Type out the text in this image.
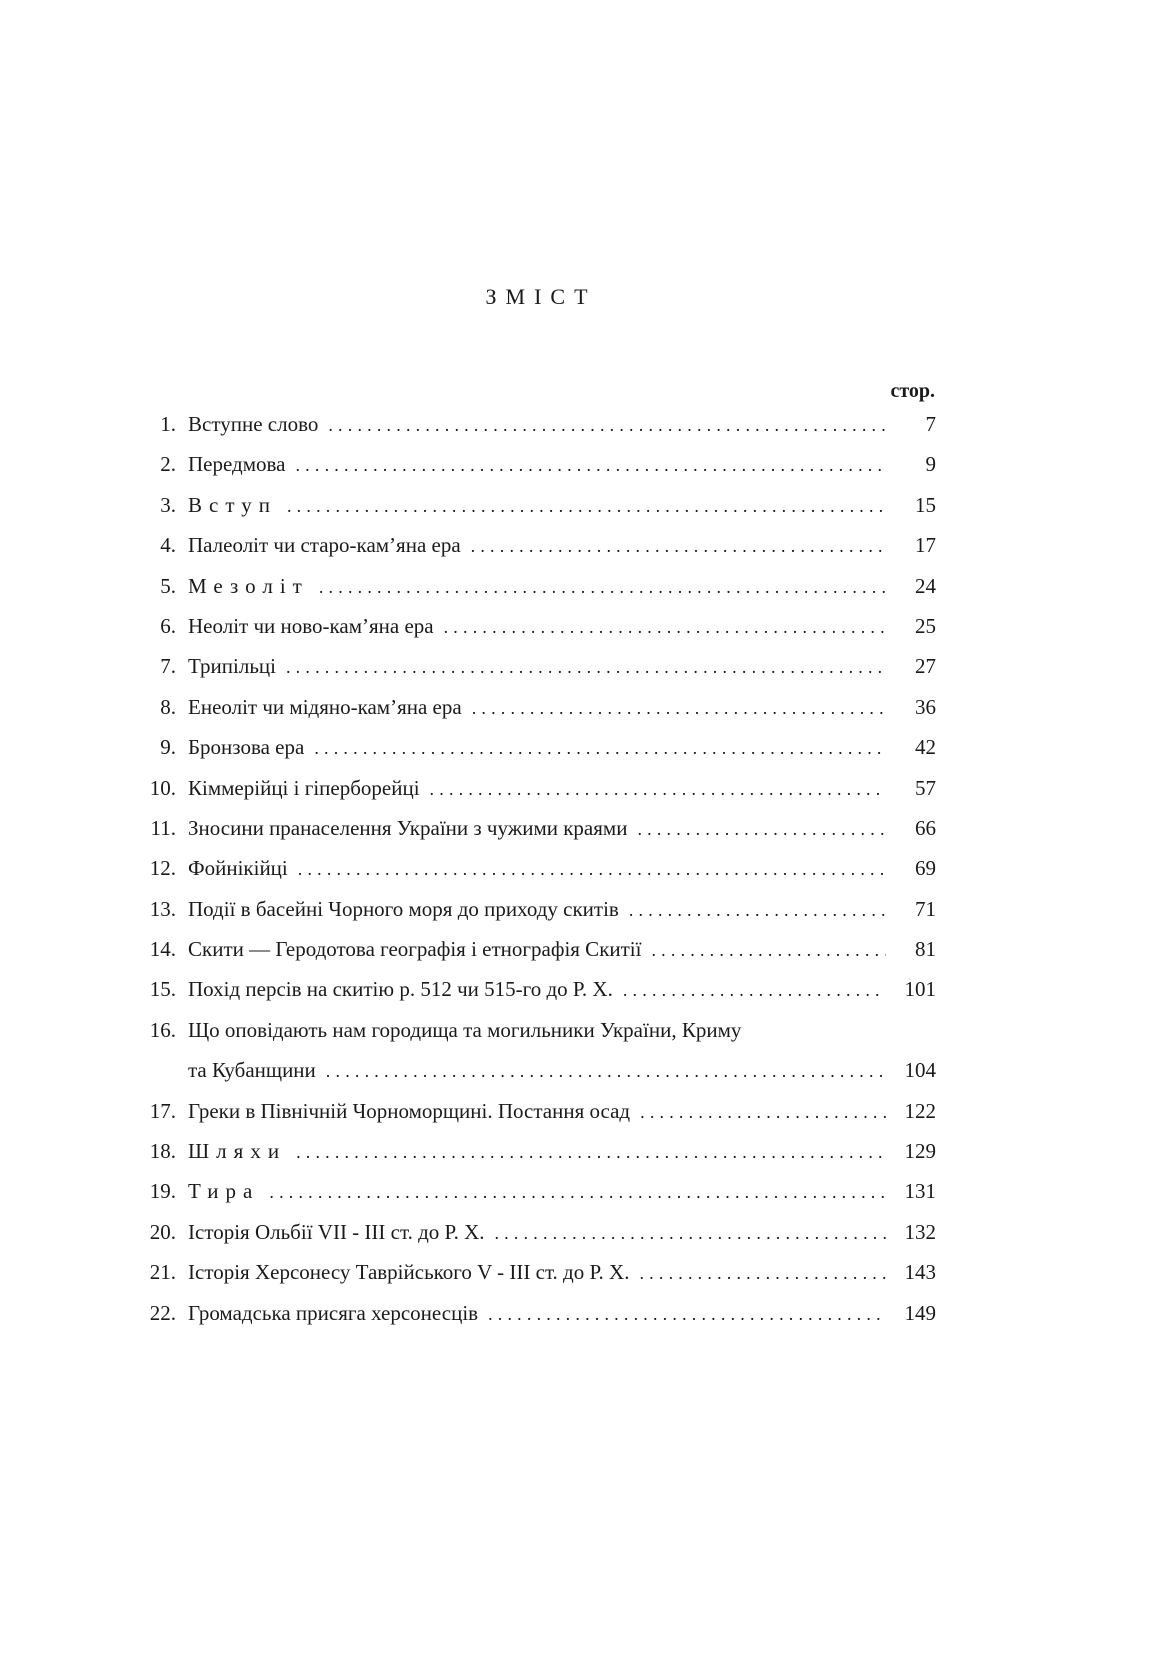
ЗМІСТ
стор.
1. Вступне слово .....	7
2. Передмова .....	9
3. Вступ .....	15
4. Палеоліт чи старо-кам’яна ера .....	17
5. Мезоліт .....	24
6. Неоліт чи ново-кам’яна ера .....	25
7. Трипільці .....	27
8. Енеоліт чи мідяно-кам’яна ера .....	36
9. Бронзова ера .....	42
10. Кіммерійці і гіперборейці .....	57
11. Зносини пранаселення України з чужими краями .....	66
12. Фойнікійці .....	69
13. Події в басейні Чорного моря до приходу скитів .....	71
14. Скити — Геродотова географія і етнографія Скитії .....	81
15. Похід персів на скитію р. 512 чи 515-го до Р. Х. .....	101
16. Що оповідають нам городища та могильники України, Криму
та Кубанщини .....	104
17. Греки в Північній Чорноморщині. Постання осад .....	122
18. Шляхи .....	129
19. Тира .....	131
20. Історія Ольбії VII - III ст. до Р. Х. .....	132
21. Історія Херсонесу Таврійського V - III ст. до Р. Х. .....	143
22. Громадська присяга херсонесців .....	149
